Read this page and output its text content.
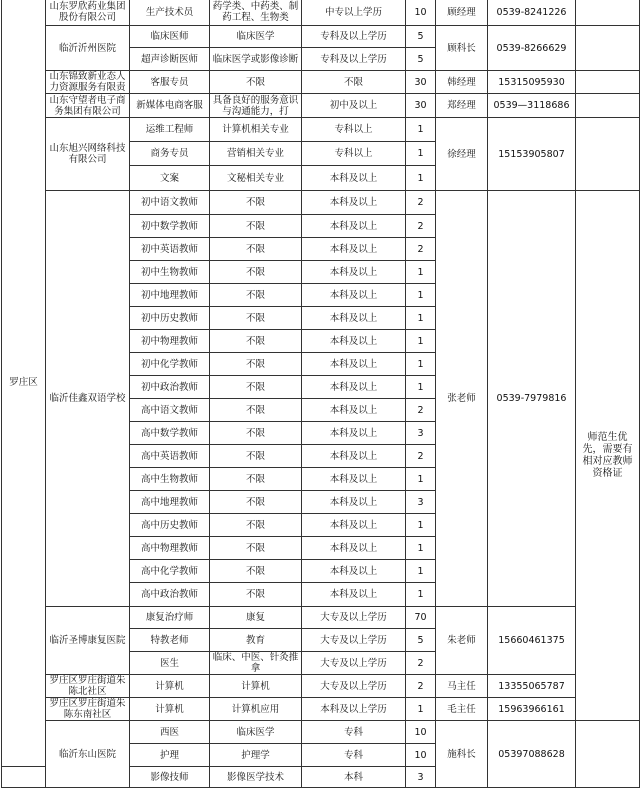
罗庄区	山东罗欣药业集团股份有限公司	生产技术员	药学类、中药类、制药工程、生物类	中专以上学历	10	顾经理	0539-8241226	
	临沂沂州医院	临床医师	临床医学	专科及以上学历	5	顾科长	0539-8266629	
		超声诊断医师	临床医学或影像诊断	专科及以上学历	5			
	山东锦致新业态人力资源服务有限责	客服专员	不限	不限	30	韩经理	15315095930	
	山东守望者电子商务集团有限公司	新媒体电商客服	具备良好的服务意识与沟通能力，打	初中及以上	30	郑经理	0539—3118686	
	山东旭兴网络科技有限公司	运维工程师	计算机相关专业	专科以上	1	徐经理	15153905807	
		商务专员	营销相关专业	专科以上	1			
		文案	文秘相关专业	本科及以上	1			
	临沂佳鑫双语学校	初中语文教师	不限	本科及以上	2	张老师	0539-7979816	师范生优先，需要有相对应教师资格证
		初中数学教师	不限	本科及以上	2			
		初中英语教师	不限	本科及以上	2			
		初中生物教师	不限	本科及以上	1			
		初中地理教师	不限	本科及以上	1			
		初中历史教师	不限	本科及以上	1			
		初中物理教师	不限	本科及以上	1			
		初中化学教师	不限	本科及以上	1			
		初中政治教师	不限	本科及以上	1			
		高中语文教师	不限	本科及以上	2			
		高中数学教师	不限	本科及以上	3			
		高中英语教师	不限	本科及以上	2			
		高中生物教师	不限	本科及以上	1			
		高中地理教师	不限	本科及以上	3			
		高中历史教师	不限	本科及以上	1			
		高中物理教师	不限	本科及以上	1			
		高中化学教师	不限	本科及以上	1			
		高中政治教师	不限	本科及以上	1			
	临沂圣博康复医院	康复治疗师	康复	大专及以上学历	70	朱老师	15660461375	
		特教老师	教育	大专及以上学历	5			
		医生	临床、中医、针灸推拿	大专及以上学历	2			
	罗庄区罗庄街道朱陈北社区	计算机	计算机	大专及以上学历	2	马主任	13355065787	
	罗庄区罗庄街道朱陈东南社区	计算机	计算机应用	本科及以上学历	1	毛主任	15963966161	
	临沂东山医院	西医	临床医学	专科	10	施科长	05397088628	
		护理	护理学	专科	10			
		影像技师	影像医学技术	本科	3			
